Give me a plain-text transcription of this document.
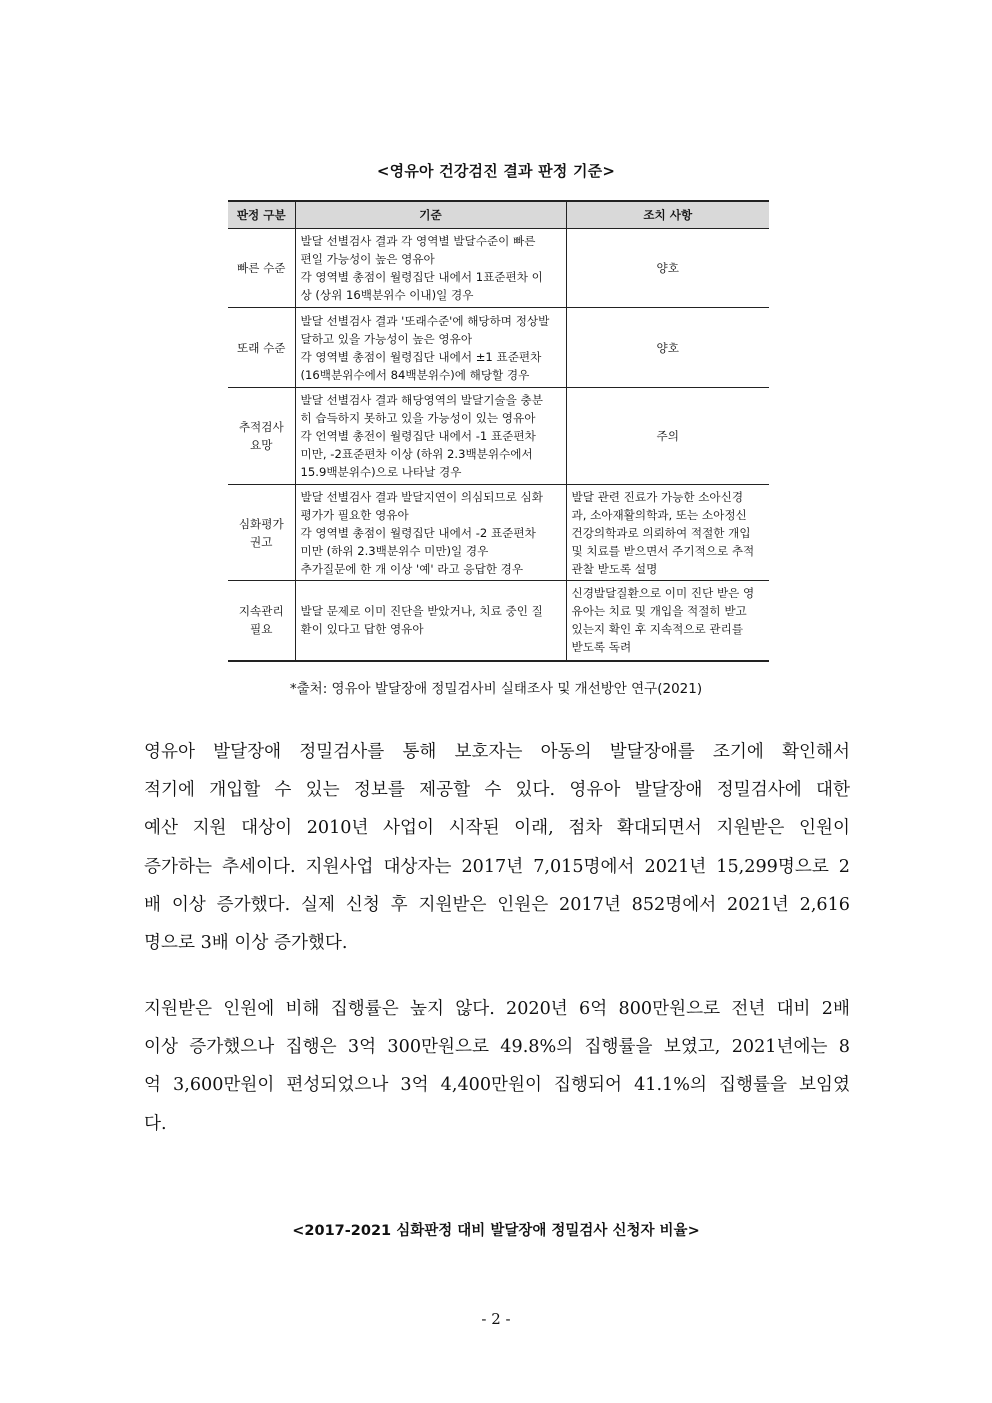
<영유아 건강검진 결과 판정 기준>
판정 구분	기준	조치 사항

빠른 수준	발달 선별검사 결과 각 영역별 발달수준이 빠른
편일 가능성이 높은 영유아
각 영역별 총점이 월령집단 내에서 1표준편차 이
상 (상위 16백분위수 이내)일 경우	양호

또래 수준	발달 선별검사 결과 '또래수준'에 해당하며 정상발
달하고 있을 가능성이 높은 영유아
각 영역별 총점이 월령집단 내에서 ±1 표준편차
(16백분위수에서 84백분위수)에 해당할 경우	양호

추적검사
요망	발달 선별검사 결과 해당영역의 발달기술을 충분
히 습득하지 못하고 있을 가능성이 있는 영유아
각 언역별 총전이 월령집단 내에서 -1 표준편차
미만, -2표준편차 이상 (하위 2.3백분위수에서
15.9백분위수)으로 나타날 경우	주의

심화평가
권고	발달 선별검사 결과 발달지연이 의심되므로 심화
평가가 필요한 영유아
각 영역별 총점이 월령집단 내에서 -2 표준편차
미만 (하위 2.3백분위수 미만)일 경우
추가질문에 한 개 이상 '예' 라고 응답한 경우	발달 관련 진료가 가능한 소아신경
과, 소아재활의학과, 또는 소아정신
건강의학과로 의뢰하여 적절한 개입
및 치료를 받으면서 주기적으로 추적
관찰 받도록 설명

지속관리
필요	발달 문제로 이미 진단을 받았거나, 치료 중인 질
환이 있다고 답한 영유아	신경발달질환으로 이미 진단 받은 영
유아는 치료 및 개입을 적절히 받고
있는지 확인 후 지속적으로 관리를
받도록 독려
*출처: 영유아 발달장애 정밀검사비 실태조사 및 개선방안 연구(2021)
영유아 발달장애 정밀검사를 통해 보호자는 아동의 발달장애를 조기에 확인해서
적기에 개입할 수 있는 정보를 제공할 수 있다. 영유아 발달장애 정밀검사에 대한
예산 지원 대상이 2010년 사업이 시작된 이래, 점차 확대되면서 지원받은 인원이
증가하는 추세이다. 지원사업 대상자는 2017년 7,015명에서 2021년 15,299명으로 2
배 이상 증가했다. 실제 신청 후 지원받은 인원은 2017년 852명에서 2021년 2,616
명으로 3배 이상 증가했다.
지원받은 인원에 비해 집행률은 높지 않다. 2020년 6억 800만원으로 전년 대비 2배
이상 증가했으나 집행은 3억 300만원으로 49.8%의 집행률을 보였고, 2021년에는 8
억 3,600만원이 편성되었으나 3억 4,400만원이 집행되어 41.1%의 집행률을 보임였
다.
<2017-2021 심화판정 대비 발달장애 정밀검사 신청자 비율>
- 2 -
